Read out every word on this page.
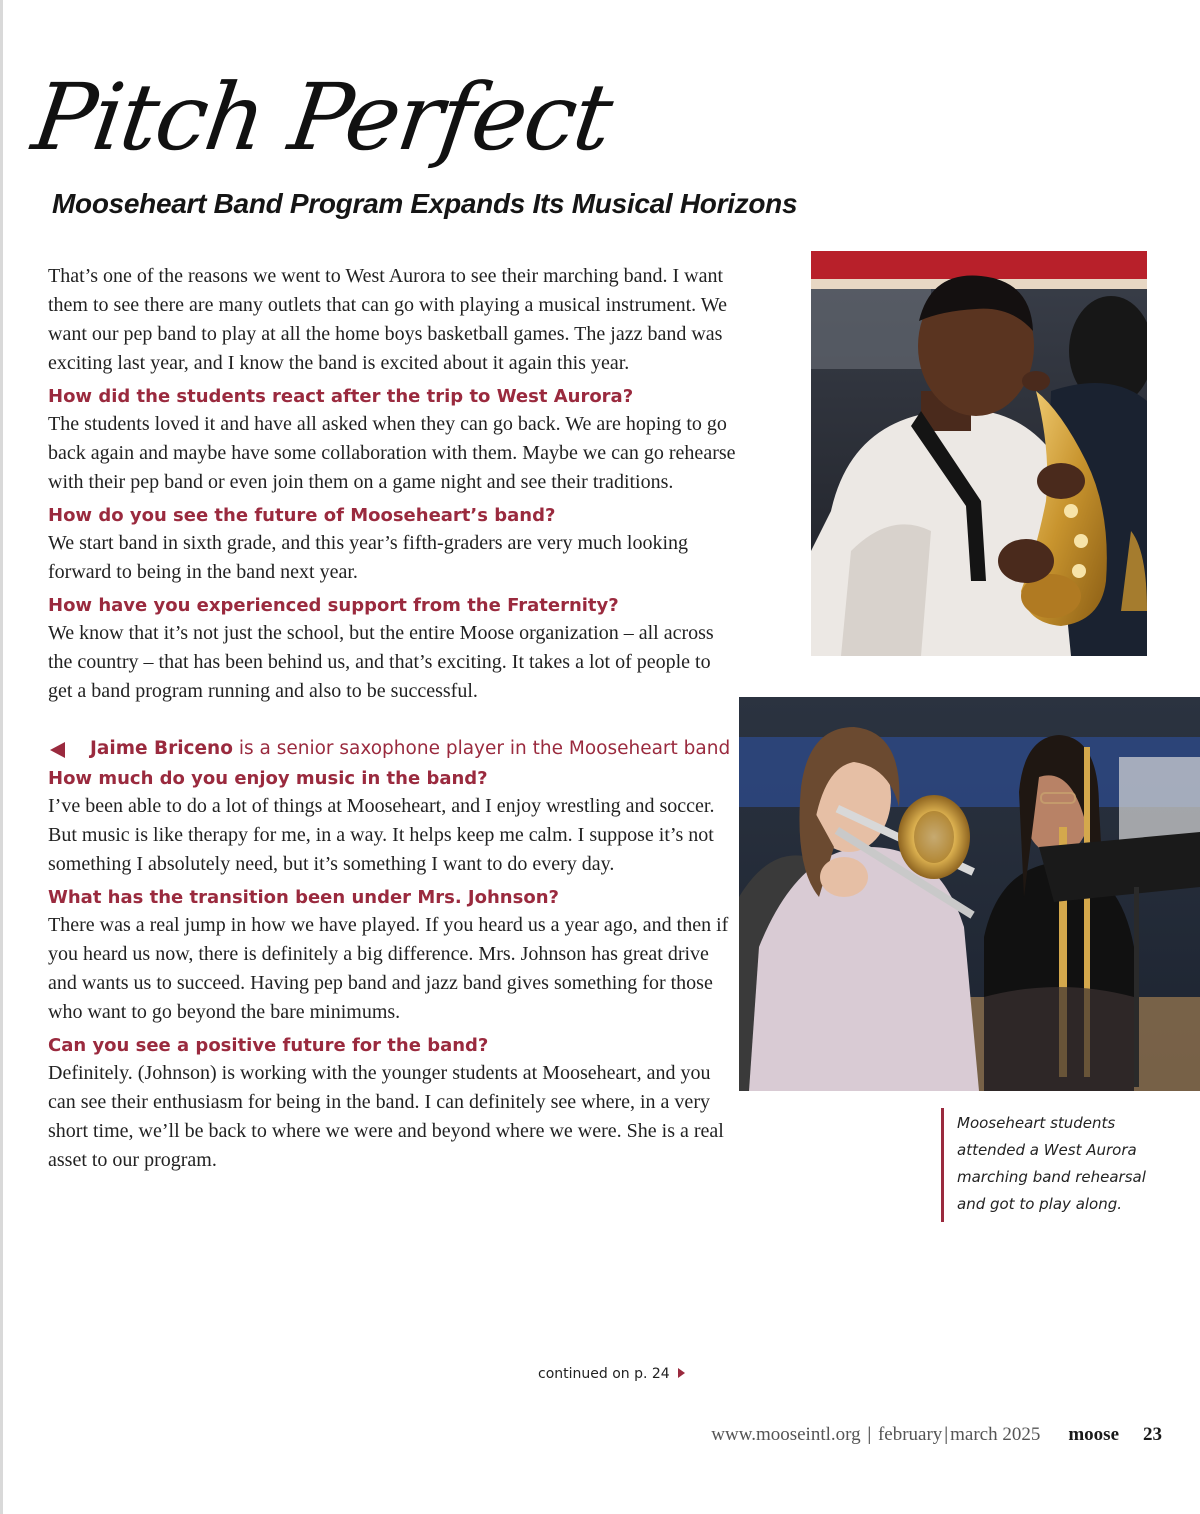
Pitch Perfect
Mooseheart Band Program Expands Its Musical Horizons

That’s one of the reasons we went to West Aurora to see their marching band. I want them to see there are many outlets that can go with playing a musical instrument. We want our pep band to play at all the home boys basketball games. The jazz band was exciting last year, and I know the band is excited about it again this year.

How did the students react after the trip to West Aurora?

The students loved it and have all asked when they can go back. We are hoping to go back again and maybe have some collaboration with them. Maybe we can go rehearse with their pep band or even join them on a game night and see their traditions.

How do you see the future of Mooseheart’s band?

We start band in sixth grade, and this year’s fifth-graders are very much looking forward to being in the band next year.

How have you experienced support from the Fraternity?

We know that it’s not just the school, but the entire Moose organization – all across the country – that has been behind us, and that’s exciting. It takes a lot of people to get a band program running and also to be successful.

Jaime Briceno is a senior saxophone player in the Mooseheart band
How much do you enjoy music in the band?

I’ve been able to do a lot of things at Mooseheart, and I enjoy wrestling and soccer. But music is like therapy for me, in a way. It helps keep me calm. I suppose it’s not something I absolutely need, but it’s something I want to do every day.

What has the transition been under Mrs. Johnson?

There was a real jump in how we have played. If you heard us a year ago, and then if you heard us now, there is definitely a big difference. Mrs. Johnson has great drive and wants us to succeed. Having pep band and jazz band gives something for those who want to go beyond the bare minimums.

Can you see a positive future for the band?

Definitely. (Johnson) is working with the younger students at Mooseheart, and you can see their enthusiasm for being in the band. I can definitely see where, in a very short time, we’ll be back to where we were and beyond where we were. She is a real asset to our program.

continued on p. 24
Mooseheart students attended a West Aurora marching band rehearsal and got to play along.
www.mooseintl.org | february | march 2025 moose 23
